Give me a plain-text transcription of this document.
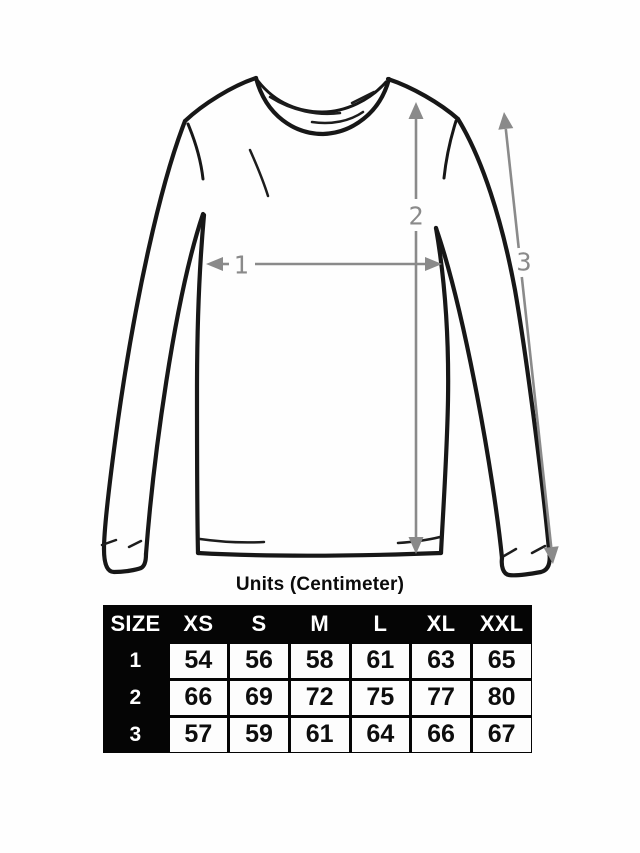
1
2
3
Units (Centimeter)
SIZE	XS	S	M	L	XL	XXL
1	54	56	58	61	63	65
2	66	69	72	75	77	80
3	57	59	61	64	66	67
